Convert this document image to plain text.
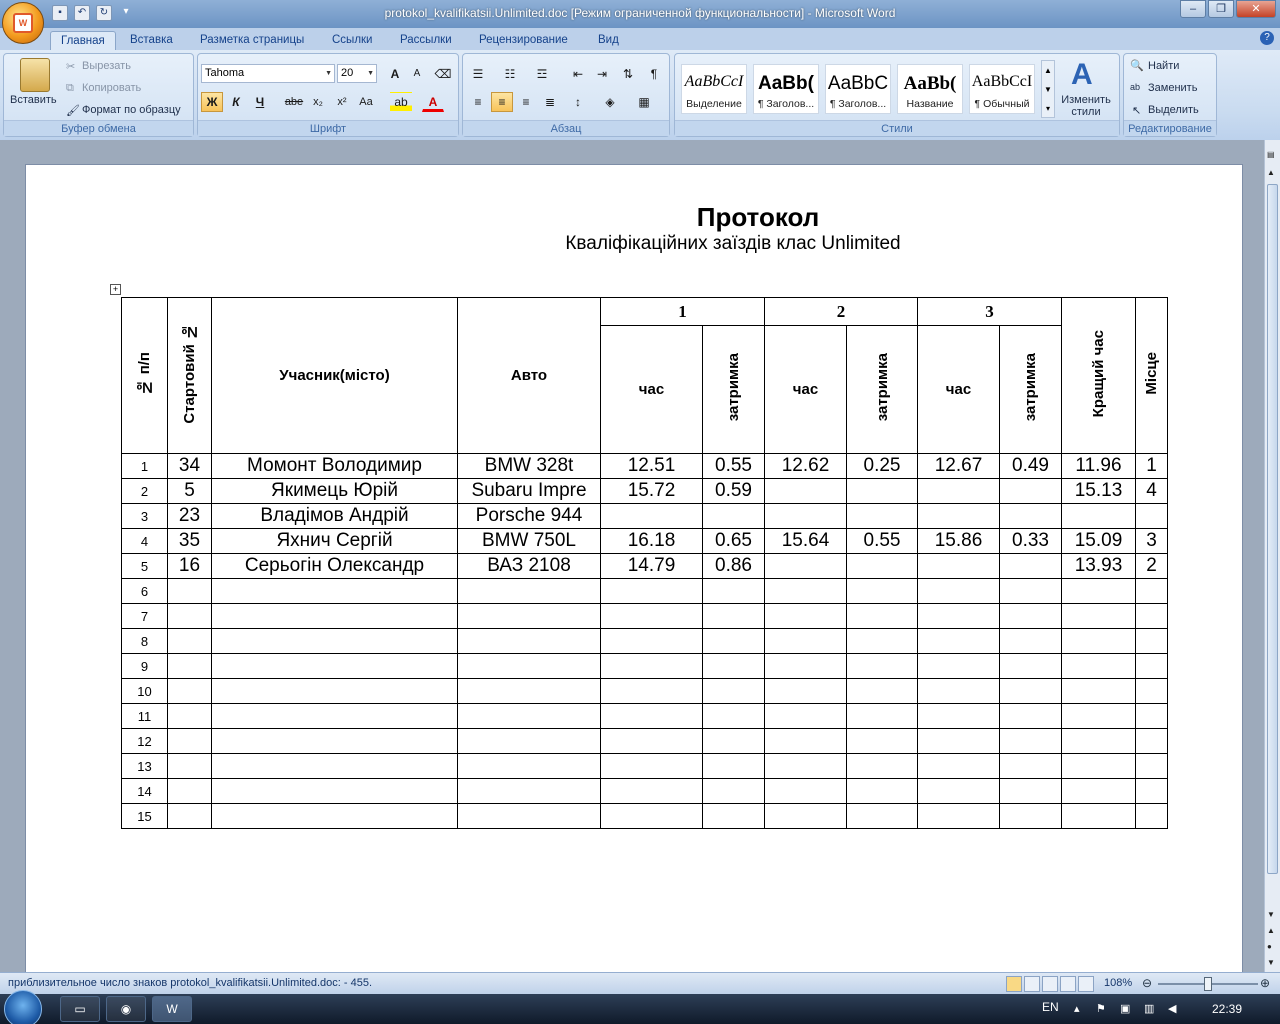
▪	↶	↻	▾	protokol_kvalifikatsii.Unlimited.doc [Режим ограниченной функциональности] - Microsoft Word	–	❐	✕
W
Главная	Вставка	Разметка страницы	Ссылки	Рассылки	Рецензирование	Вид	?
Вставить
✂ Вырезать
⧉ Копировать
🖌 Формат по образцу
Буфер обмена
Tahoma	▼ 20 ▼	A	A	⌫
Ж	К	Ч	abe x₂	x²	Aa	ab	A
Шрифт
☰	☷	☲	⇤	⇥	⇅	¶
≡	≡	≡	≣	↕	◈	▦
Абзац
AaBbCcI
Выделение
AaBb(
¶ Заголов...
AaBbC
¶ Заголов...
AaBb(
Название
AaBbCcI
¶ Обычный
▲
▼
▾
A
Изменить стили
Стили
🔍 Найти
ab Заменить
↖ Выделить
Редактирование
Протокол
Кваліфікаційних заїздів клас Unlimited
+
№ п/п	Стартовий №	Учасник(місто)	Авто	1		2		3		Кращий час	Місце
				час	затримка	час	затримка	час	затримка		
1	34	Момонт Володимир	BMW 328t	12.51	0.55	12.62	0.25	12.67	0.49	11.96	1
2	5	Якимець Юрій	Subaru Impre	15.72	0.59					15.13	4
3	23	Владімов Андрій	Porsche 944								
4	35	Яхнич Сергій	BMW 750L	16.18	0.65	15.64	0.55	15.86	0.33	15.09	3
5	16	Серьогін Олександр	ВАЗ 2108	14.79	0.86					13.93	2
6											
7											
8											
9											
10											
11											
12											
13											
14											
15											
▤
▲
▼
▲
●
▼
приблизительное число знаков protokol_kvalifikatsii.Unlimited.doc: - 455.	108% ⊖	⊕
▭	◉	W	EN ▴	⚑ ▣ ▥ ◀	22:39
